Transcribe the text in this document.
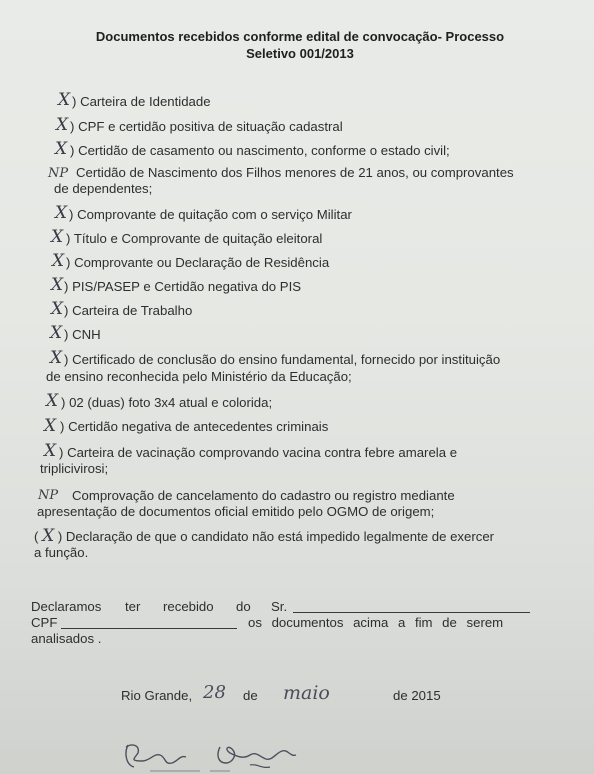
Documentos recebidos conforme edital de convocação- Processo
Seletivo 001/2013
X ) Carteira de Identidade
X ) CPF e certidão positiva de situação cadastral
X ) Certidão de casamento ou nascimento, conforme o estado civil;
NP Certidão de Nascimento dos Filhos menores de 21 anos, ou comprovantes
de dependentes;
X ) Comprovante de quitação com o serviço Militar
X ) Título e Comprovante de quitação eleitoral
X ) Comprovante ou Declaração de Residência
X ) PIS/PASEP e Certidão negativa do PIS
X ) Carteira de Trabalho
X ) CNH
X ) Certificado de conclusão do ensino fundamental, fornecido por instituição
de ensino reconhecida pelo Ministério da Educação;
X ) 02 (duas) foto 3x4 atual e colorida;
X ) Certidão negativa de antecedentes criminais
X ) Carteira de vacinação comprovando vacina contra febre amarela e
triplicivirosi;
NP Comprovação de cancelamento do cadastro ou registro mediante
apresentação de documentos oficial emitido pelo OGMO de origem;
( X ) Declaração de que o candidato não está impedido legalmente de exercer
a função.
Declaramos ter recebido do Sr.
CPF	os documentos acima a fim de serem
analisados .
Rio Grande, 28 de maio	de 2015
